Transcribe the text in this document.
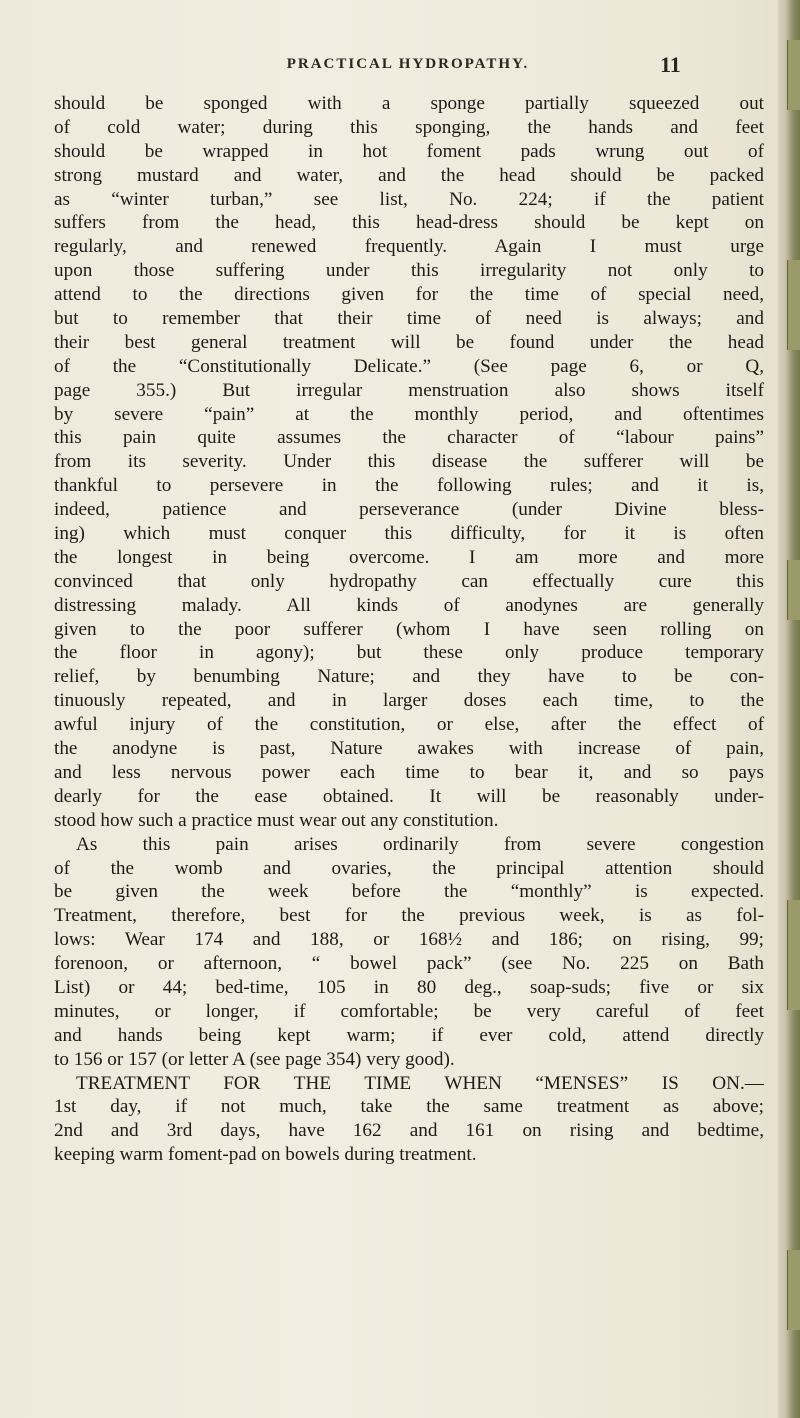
PRACTICAL HYDROPATHY.	11
should be sponged with a sponge partially squeezed out
of cold water; during this sponging, the hands and feet
should be wrapped in hot foment pads wrung out of
strong mustard and water, and the head should be packed
as “winter turban,” see list, No. 224; if the patient
suffers from the head, this head-dress should be kept on
regularly, and renewed frequently. Again I must urge
upon those suffering under this irregularity not only to
attend to the directions given for the time of special need,
but to remember that their time of need is always; and
their best general treatment will be found under the head
of the “Constitutionally Delicate.” (See page 6, or Q,
page 355.) But irregular menstruation also shows itself
by severe “pain” at the monthly period, and oftentimes
this pain quite assumes the character of “labour pains”
from its severity. Under this disease the sufferer will be
thankful to persevere in the following rules; and it is,
indeed, patience and perseverance (under Divine bless-
ing) which must conquer this difficulty, for it is often
the longest in being overcome. I am more and more
convinced that only hydropathy can effectually cure this
distressing malady. All kinds of anodynes are generally
given to the poor sufferer (whom I have seen rolling on
the floor in agony); but these only produce temporary
relief, by benumbing Nature; and they have to be con-
tinuously repeated, and in larger doses each time, to the
awful injury of the constitution, or else, after the effect of
the anodyne is past, Nature awakes with increase of pain,
and less nervous power each time to bear it, and so pays
dearly for the ease obtained. It will be reasonably under-
stood how such a practice must wear out any constitution.
As this pain arises ordinarily from severe congestion
of the womb and ovaries, the principal attention should
be given the week before the “monthly” is expected.
Treatment, therefore, best for the previous week, is as fol-
lows: Wear 174 and 188, or 168½ and 186; on rising, 99;
forenoon, or afternoon, “ bowel pack” (see No. 225 on Bath
List) or 44; bed-time, 105 in 80 deg., soap-suds; five or six
minutes, or longer, if comfortable; be very careful of feet
and hands being kept warm; if ever cold, attend directly
to 156 or 157 (or letter A (see page 354) very good).
TREATMENT FOR THE TIME WHEN “MENSES” IS ON.—
1st day, if not much, take the same treatment as above;
2nd and 3rd days, have 162 and 161 on rising and bedtime,
keeping warm foment-pad on bowels during treatment.
